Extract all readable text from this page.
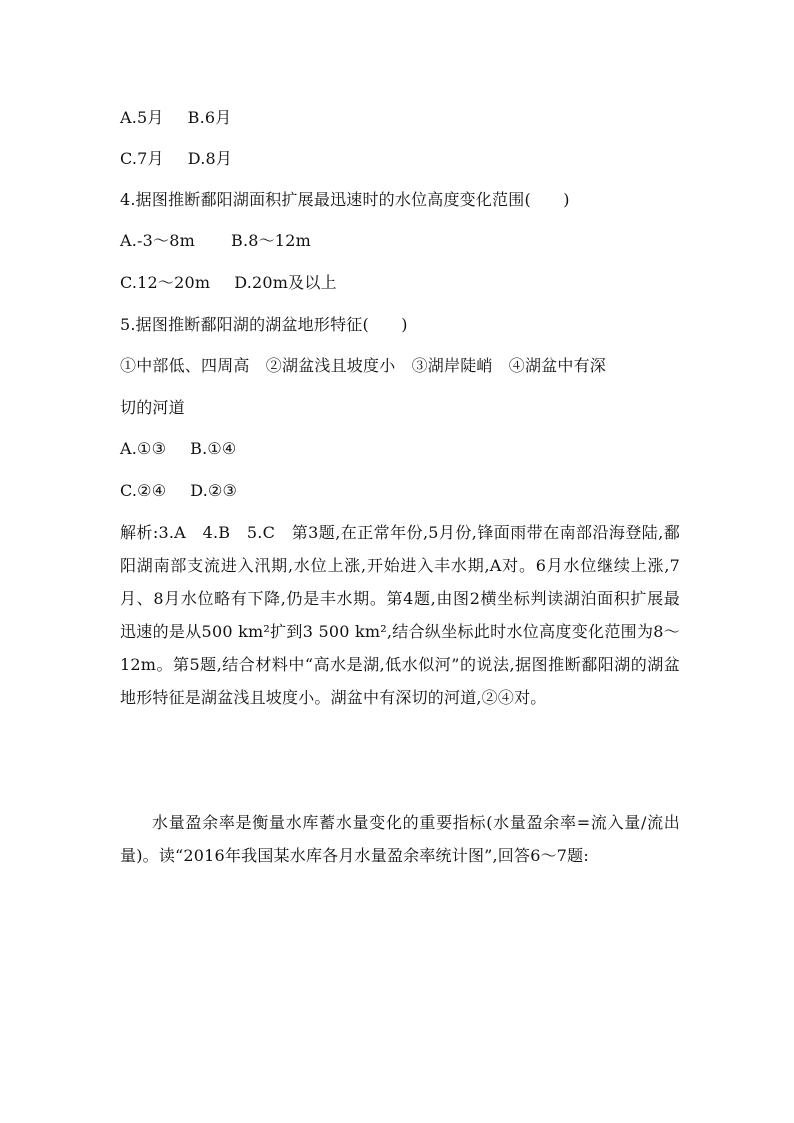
A.5月 B.6月
C.7月 D.8月
4.据图推断鄱阳湖面积扩展最迅速时的水位高度变化范围(　　)
A.-3～8m B.8～12m
C.12～20m D.20m及以上
5.据图推断鄱阳湖的湖盆地形特征(　　)
①中部低、四周高　②湖盆浅且坡度小　③湖岸陡峭　④湖盆中有深
切的河道
A.①③ B.①④
C.②④ D.②③
解析:3.A　4.B　5.C　第3题,在正常年份,5月份,锋面雨带在南部沿海登陆,鄱阳湖南部支流进入汛期,水位上涨,开始进入丰水期,A对。6月水位继续上涨,7月、8月水位略有下降,仍是丰水期。第4题,由图2横坐标判读湖泊面积扩展最迅速的是从500 km²扩到3 500 km²,结合纵坐标此时水位高度变化范围为8～12m。第5题,结合材料中“高水是湖,低水似河”的说法,据图推断鄱阳湖的湖盆地形特征是湖盆浅且坡度小。湖盆中有深切的河道,②④对。
水量盈余率是衡量水库蓄水量变化的重要指标(水量盈余率=流入量/流出量)。读“2016年我国某水库各月水量盈余率统计图”,回答6～7题:
